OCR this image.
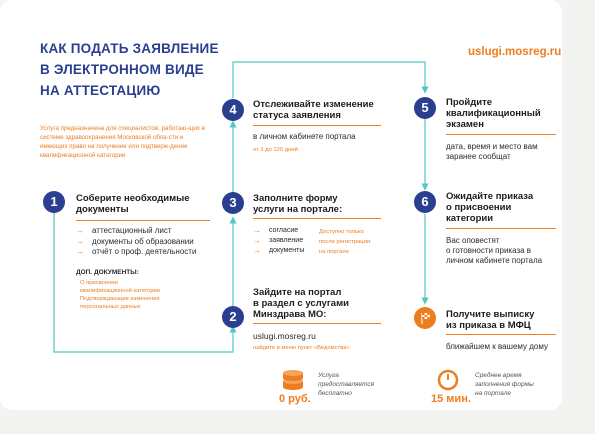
КАК ПОДАТЬ ЗАЯВЛЕНИЕ
В ЭЛЕКТРОННОМ ВИДЕ
НА АТТЕСТАЦИЮ
uslugi.mosreg.ru
Услуга предназначена для специалистов, работаю-щих в системе здравоохранения Московской обла-сти и имеющих право на получение или подтверж-дение квалификационной категории
1	Соберите необходимые
документы
→ аттестационный лист
→ документы об образовании
→ отчёт о проф. деятельности
ДОП. ДОКУМЕНТЫ:
О присвоении
квалификационной категории
Подтверждающие изменения
персональных данных
2
Зайдите на портал
в раздел с услугами
Минздрава МО:
uslugi.mosreg.ru
найдите в меню пункт «Ведомства»
3	Заполните форму
услуги на портале:
→ согласие
→ заявление
→ документы
Доступно только
после регистрации
на портале
4	Отслеживайте изменение
статуса заявления
в личном кабинете портала
от 1 до 120 дней
5	Пройдите
квалификационный
экзамен
дата, время и место вам
заранее сообщат
6	Ожидайте приказа
о присвоении
категории
Вас оповестят
о готовности приказа в
личном кабинете портала
Получите выписку
из приказа в МФЦ
ближайшем к вашему дому
0 руб.
Услуга
предоставляется
бесплатно	15 мин.
Среднее время
заполнения формы
на портале
